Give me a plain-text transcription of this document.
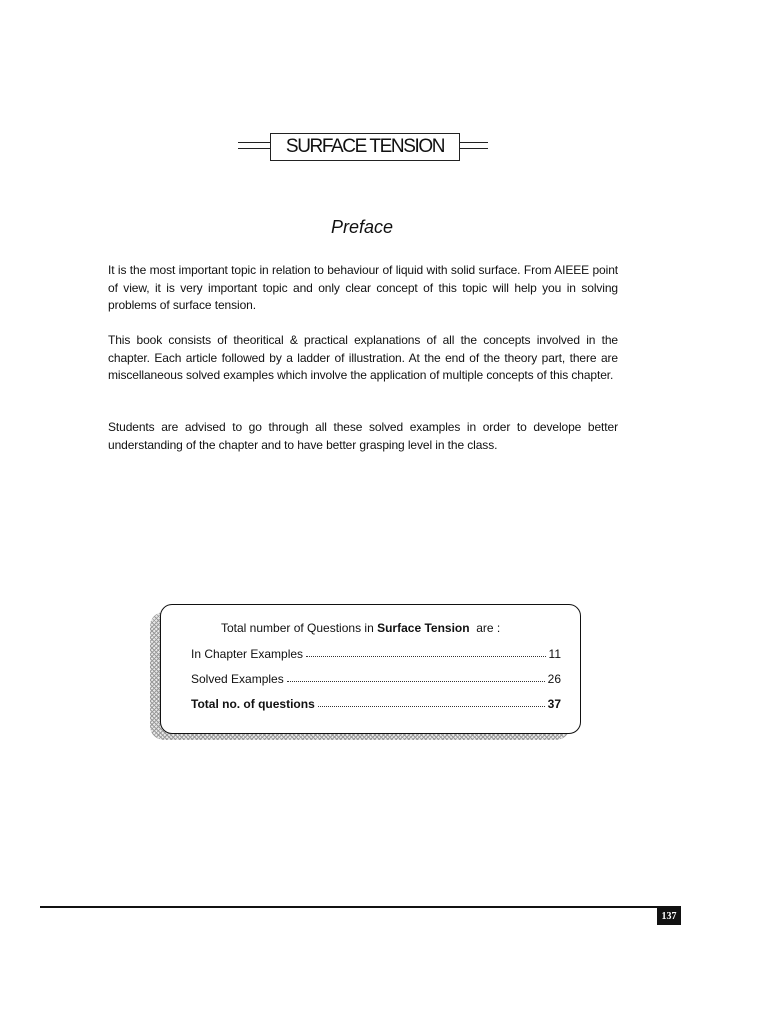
SURFACE TENSION
Preface

It is the most important topic in relation to behaviour of liquid with solid surface. From AIEEE point of view, it is very important topic and only clear concept of this topic will help you in solving problems of surface tension.

This book consists of theoritical & practical explanations of all the concepts involved in the chapter. Each article followed by a ladder of illustration. At the end of the theory part, there are miscellaneous solved examples which involve the application of multiple concepts of this chapter.

Students are advised to go through all these solved examples in order to develope better understanding of the chapter and to have better grasping level in the class.

Total number of Questions in Surface Tension are :
In Chapter Examples	11
Solved Examples	26
Total no. of questions	37
137
